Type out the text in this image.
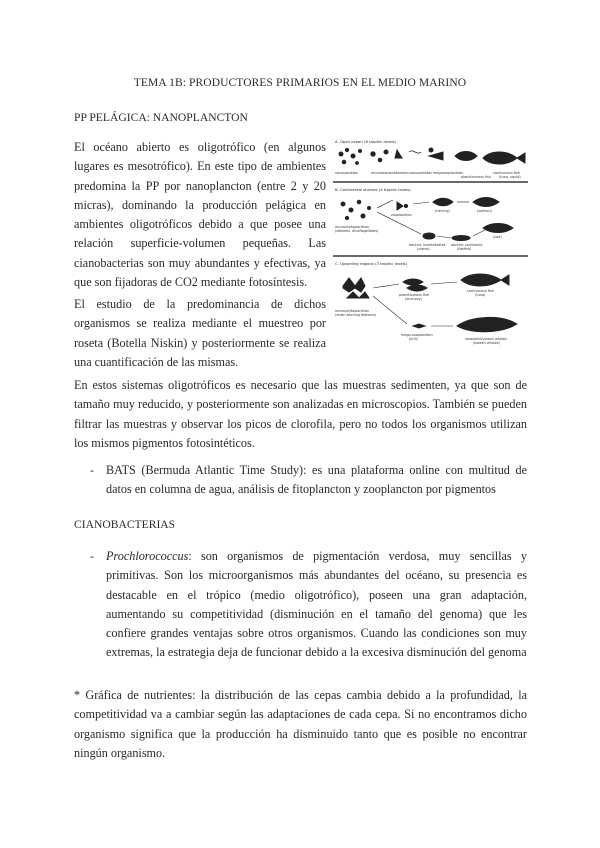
TEMA 1B: PRODUCTORES PRIMARIOS EN EL MEDIO MARINO
PP PELÁGICA: NANOPLANCTON
El océano abierto es oligotrófico (en algunos lugares es mesotrófico). En este tipo de ambientes predomina la PP por nanoplancton (entre 2 y 20 micras), dominando la producción pelágica en ambientes oligotróficos debido a que posee una relación superficie-volumen pequeñas. Las cianobacterias son muy abundantes y efectivas, ya que son fijadoras de CO2 mediante fotosíntesis.
El estudio de la predominancia de dichos organismos se realiza mediante el muestreo por roseta (Botella Niskin) y posteriormente se realiza una cuantificación de las mismas.
A. Open ocean (6 trophic levels)
nanoplankton	microzooplankton macrozooplankton megazooplankton
planktivorous fish
carnivorous fish
(tuna, squid)
B. Continental shelves (4 trophic levels)
microphytoplankton
(diatoms, dinoflagellates)
zooplankton
(herring)	(salmon)
(cod)
benthic invertebrates
(clams)
benthic carnivores
(flatfish)
C. Upwelling regions (3 trophic levels)
microphytoplankton
(chain-forming diatoms)
planktivorous fish
(anchovy)
carnivorous fish
(tuna)
mega-zooplankton
(krill)	zooplanktivorous whales
(baleen whales)
En estos sistemas oligotróficos es necesario que las muestras sedimenten, ya que son de tamaño muy reducido, y posteriormente son analizadas en microscopios. También se pueden filtrar las muestras y observar los picos de clorofila, pero no todos los organismos utilizan los mismos pigmentos fotosintéticos.
- BATS (Bermuda Atlantic Time Study): es una plataforma online con multitud de datos en columna de agua, análisis de fitoplancton y zooplancton por pigmentos
CIANOBACTERIAS
- Prochlorococcus: son organismos de pigmentación verdosa, muy sencillas y primitivas. Son los microorganismos más abundantes del océano, su presencia es destacable en el trópico (medio oligotrófico), poseen una gran adaptación, aumentando su competitividad (disminución en el tamaño del genoma) que les confiere grandes ventajas sobre otros organismos. Cuando las condiciones son muy extremas, la estrategia deja de funcionar debido a la excesiva disminución del genoma
* Gráfica de nutrientes: la distribución de las cepas cambia debido a la profundidad, la competitividad va a cambiar según las adaptaciones de cada cepa. Si no encontramos dicho organismo significa que la producción ha disminuido tanto que es posible no encontrar ningún organismo.
